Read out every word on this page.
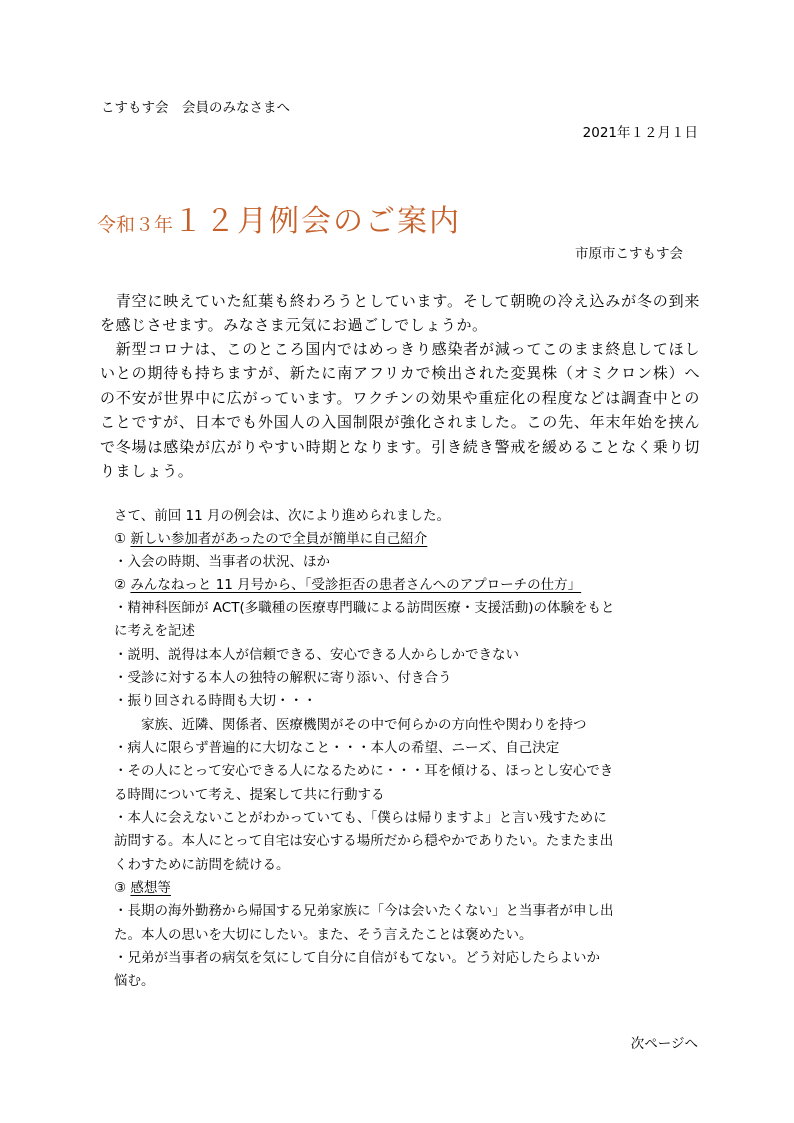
こすもす会　会員のみなさまへ
2021年１２月１日
令和３年１２月例会のご案内
市原市こすもす会

　青空に映えていた紅葉も終わろうとしています。そして朝晩の冷え込みが冬の到来を感じさせます。みなさま元気にお過ごしでしょうか。

　新型コロナは、このところ国内ではめっきり感染者が減ってこのまま終息してほしいとの期待も持ちますが、新たに南アフリカで検出された変異株（オミクロン株）への不安が世界中に広がっています。ワクチンの効果や重症化の程度などは調査中とのことですが、日本でも外国人の入国制限が強化されました。この先、年末年始を挟んで冬場は感染が広がりやすい時期となります。引き続き警戒を緩めることなく乗り切りましょう。

さて、前回 11 月の例会は、次により進められました。
① 新しい参加者があったので全員が簡単に自己紹介
・入会の時期、当事者の状況、ほか
② みんなねっと 11 月号から、「受診拒否の患者さんへのアプローチの仕方」
・精神科医師が ACT(多職種の医療専門職による訪問医療・支援活動)の体験をもと
に考えを記述
・説明、説得は本人が信頼できる、安心できる人からしかできない
・受診に対する本人の独特の解釈に寄り添い、付き合う
・振り回される時間も大切・・・
　　家族、近隣、関係者、医療機関がその中で何らかの方向性や関わりを持つ
・病人に限らず普遍的に大切なこと・・・本人の希望、ニーズ、自己決定
・その人にとって安心できる人になるために・・・耳を傾ける、ほっとし安心でき
る時間について考え、提案して共に行動する
・本人に会えないことがわかっていても、「僕らは帰りますよ」と言い残すために
訪問する。本人にとって自宅は安心する場所だから穏やかでありたい。たまたま出
くわすために訪問を続ける。
③ 感想等
・長期の海外勤務から帰国する兄弟家族に「今は会いたくない」と当事者が申し出
た。本人の思いを大切にしたい。また、そう言えたことは褒めたい。
・兄弟が当事者の病気を気にして自分に自信がもてない。どう対応したらよいか
悩む。
次ページへ
